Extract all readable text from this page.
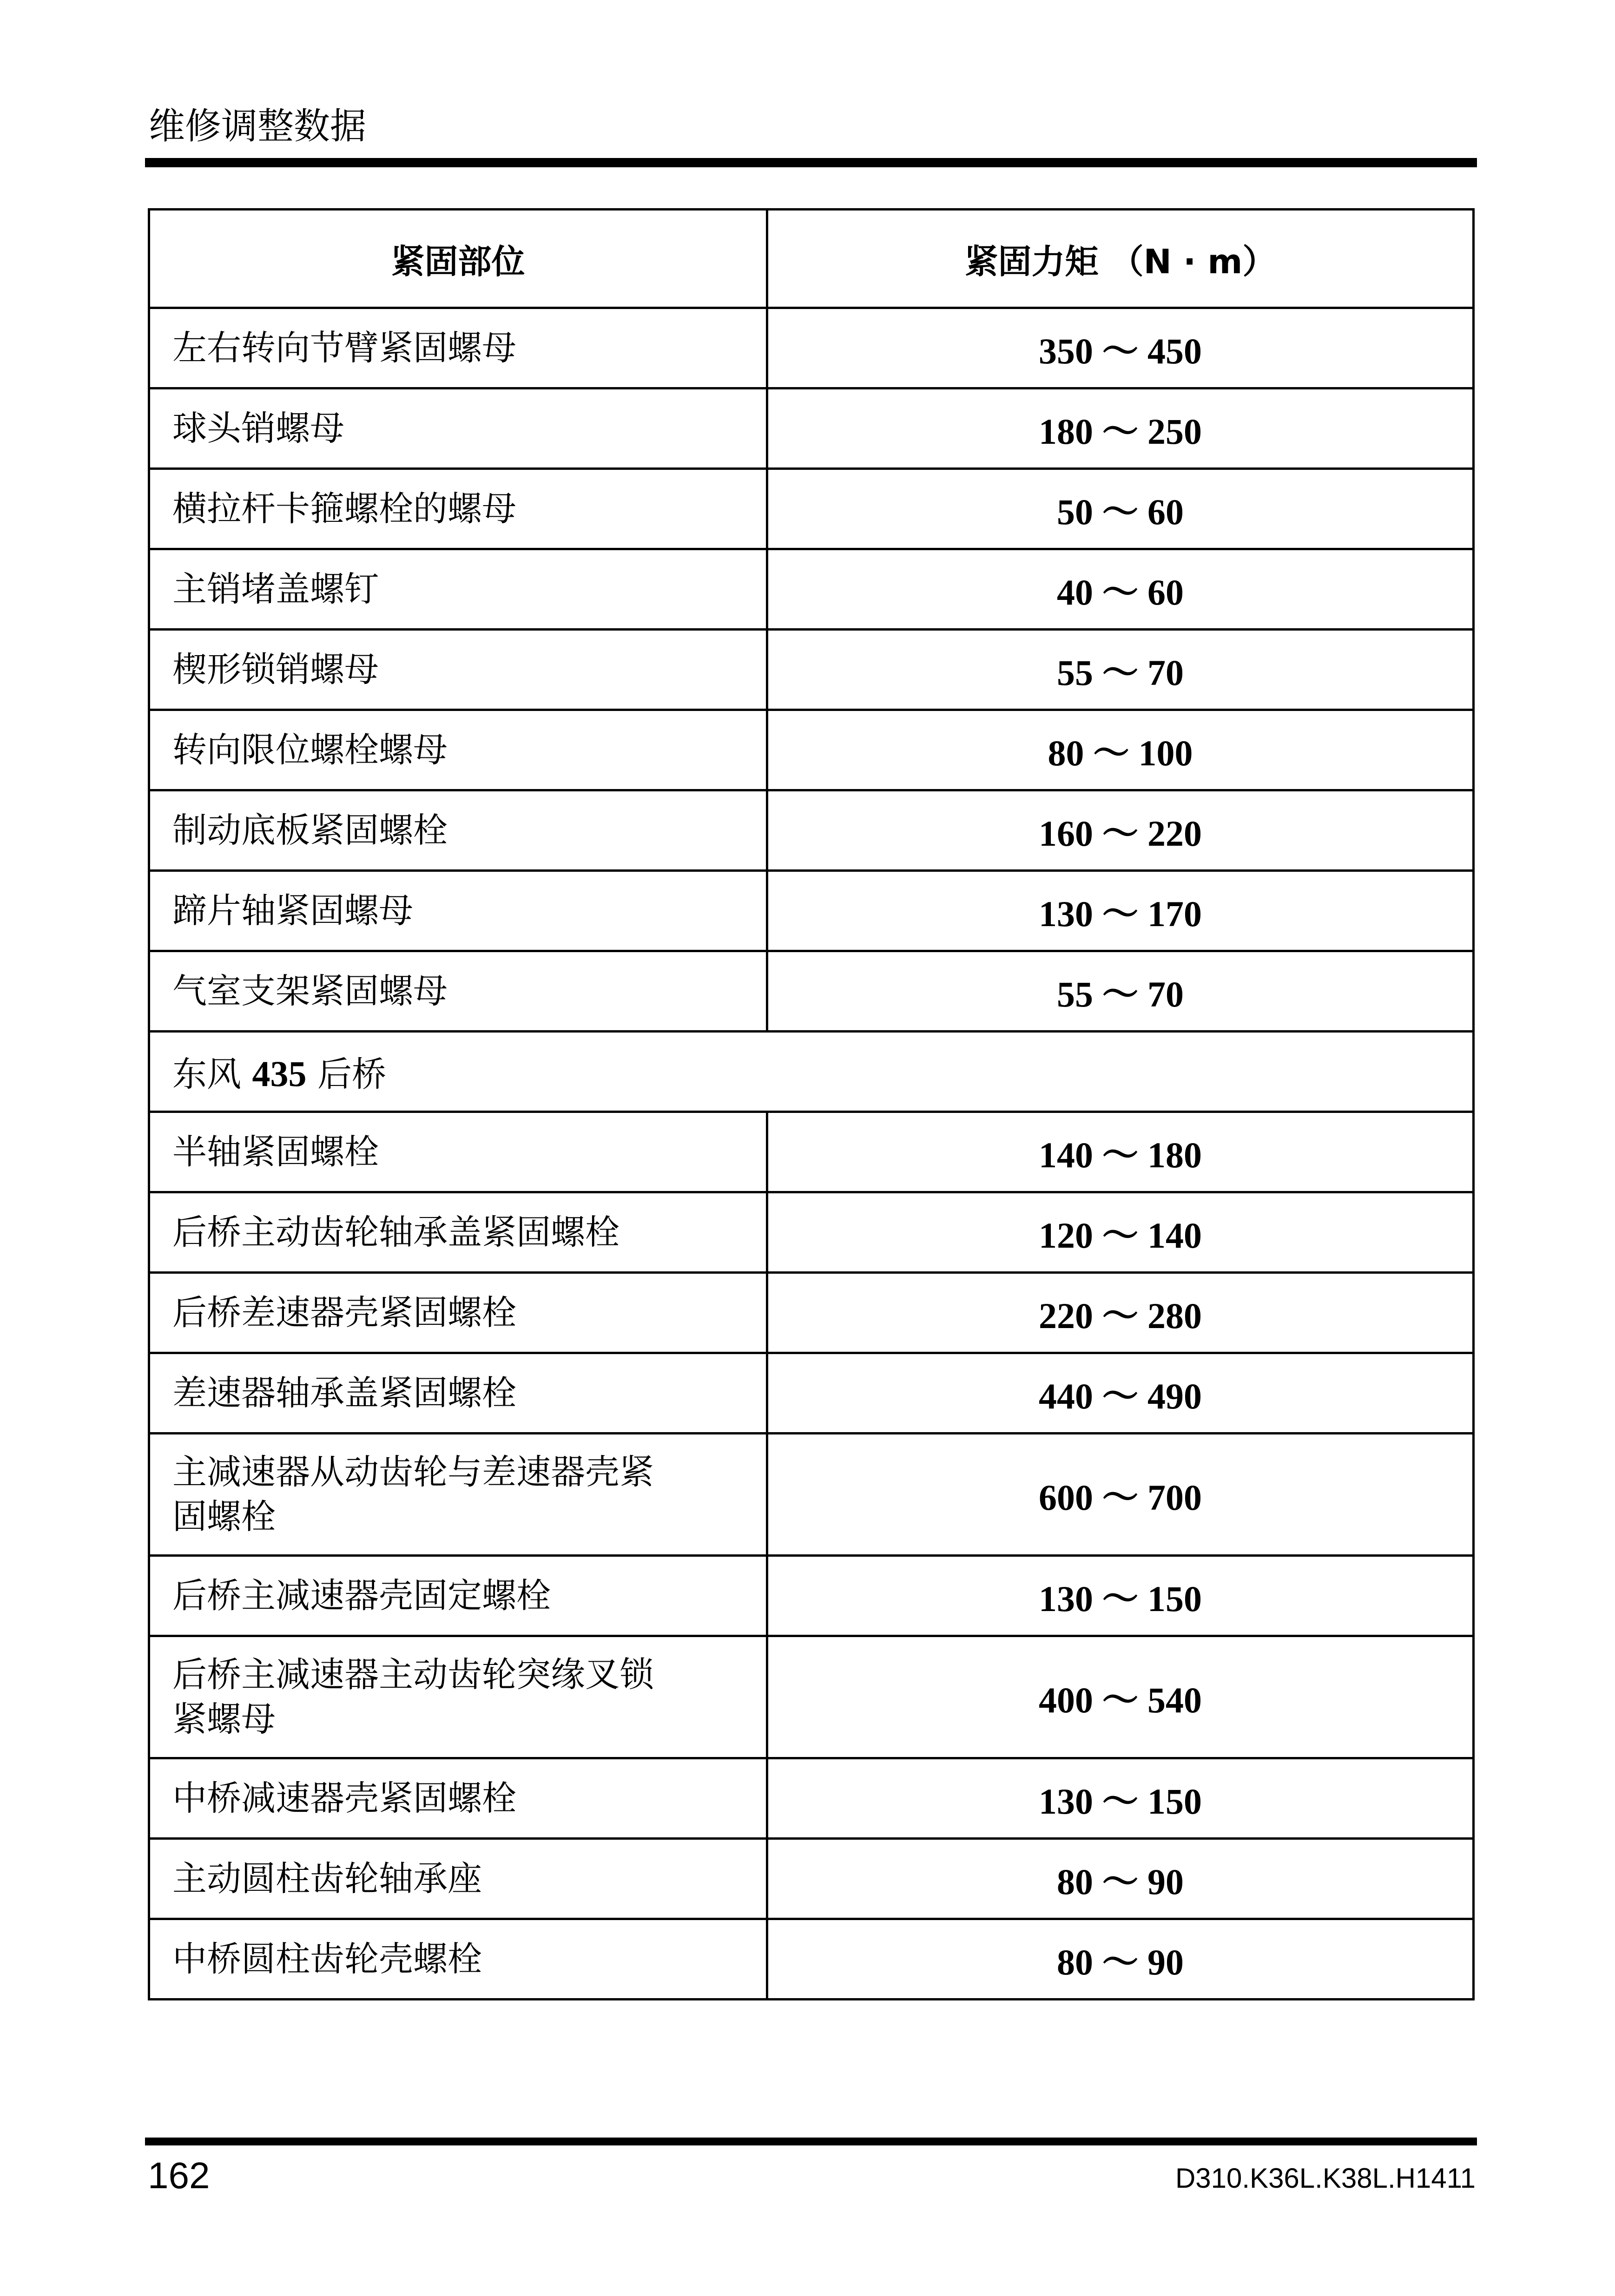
维修调整数据
紧固部位	紧固力矩 （N · m）
左右转向节臂紧固螺母	350 ～ 450
球头销螺母	180 ～ 250
横拉杆卡箍螺栓的螺母	50 ～ 60
主销堵盖螺钉	40 ～ 60
楔形锁销螺母	55 ～ 70
转向限位螺栓螺母	80 ～ 100
制动底板紧固螺栓	160 ～ 220
蹄片轴紧固螺母	130 ～ 170
气室支架紧固螺母	55 ～ 70
东风 435 后桥	
半轴紧固螺栓	140 ～ 180
后桥主动齿轮轴承盖紧固螺栓	120 ～ 140
后桥差速器壳紧固螺栓	220 ～ 280
差速器轴承盖紧固螺栓	440 ～ 490
主减速器从动齿轮与差速器壳紧
固螺栓	600 ～ 700
后桥主减速器壳固定螺栓	130 ～ 150
后桥主减速器主动齿轮突缘叉锁
紧螺母	400 ～ 540
中桥减速器壳紧固螺栓	130 ～ 150
主动圆柱齿轮轴承座	80 ～ 90
中桥圆柱齿轮壳螺栓	80 ～ 90
162	D310.K36L.K38L.H1411
